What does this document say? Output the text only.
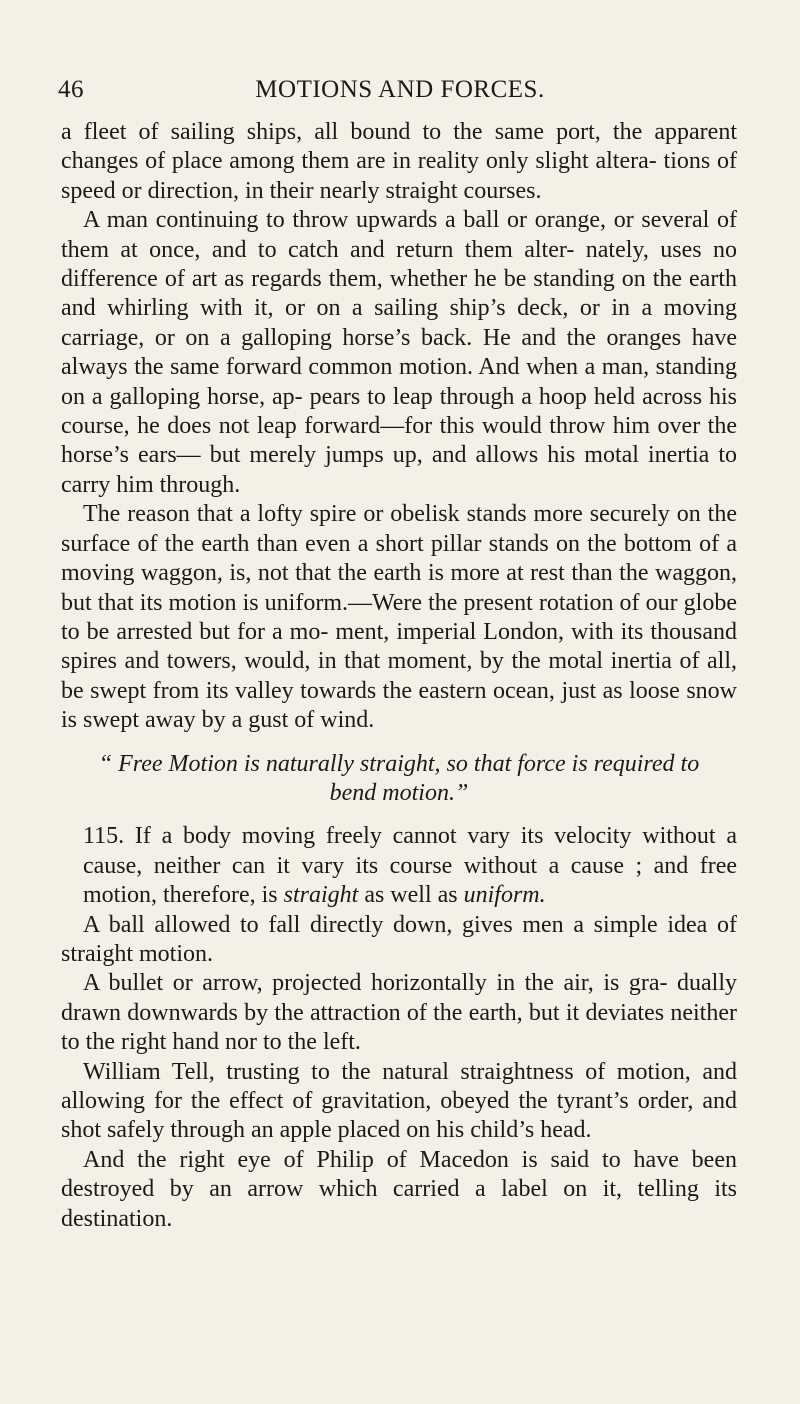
46	MOTIONS AND FORCES.

a fleet of sailing ships, all bound to the same port, the apparent changes of place among them are in reality only slight altera- tions of speed or direction, in their nearly straight courses.

A man continuing to throw upwards a ball or orange, or several of them at once, and to catch and return them alter- nately, uses no difference of art as regards them, whether he be standing on the earth and whirling with it, or on a sailing ship’s deck, or in a moving carriage, or on a galloping horse’s back. He and the oranges have always the same forward common motion. And when a man, standing on a galloping horse, ap- pears to leap through a hoop held across his course, he does not leap forward—for this would throw him over the horse’s ears— but merely jumps up, and allows his motal inertia to carry him through.

The reason that a lofty spire or obelisk stands more securely on the surface of the earth than even a short pillar stands on the bottom of a moving waggon, is, not that the earth is more at rest than the waggon, but that its motion is uniform.—Were the present rotation of our globe to be arrested but for a mo- ment, imperial London, with its thousand spires and towers, would, in that moment, by the motal inertia of all, be swept from its valley towards the eastern ocean, just as loose snow is swept away by a gust of wind.

“ Free Motion is naturally straight, so that force is required to bend motion.”

115. If a body moving freely cannot vary its velocity without a cause, neither can it vary its course without a cause ; and free motion, therefore, is straight as well as uniform.

A ball allowed to fall directly down, gives men a simple idea of straight motion.

A bullet or arrow, projected horizontally in the air, is gra- dually drawn downwards by the attraction of the earth, but it deviates neither to the right hand nor to the left.

William Tell, trusting to the natural straightness of motion, and allowing for the effect of gravitation, obeyed the tyrant’s order, and shot safely through an apple placed on his child’s head.

And the right eye of Philip of Macedon is said to have been destroyed by an arrow which carried a label on it, telling its destination.
